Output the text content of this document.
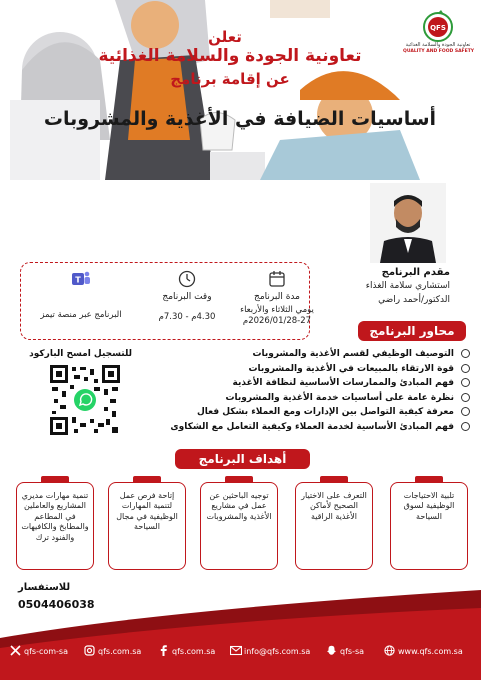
QFS
تعاونية الجودة والسلامة الغذائية
QUALITY AND FOOD SAFETY
تعلن
تعاونية الجودة والسلامة الغذائية
عن إقامة برنامج
أساسيات الضيافة في الأغذية والمشروبات
مقدم البرنامج
استشاري سلامة الغذاء
الدكتور/أحمد راضي
مدة البرنامج
يومي الثلاثاء والأربعاء
2026/01/28-27م
وقت البرنامج
4.30م - 7.30م
T
البرنامج عبر منصة تيمز
للتسجيل امسح الباركود
محاور البرنامج
التوصيف الوظيفي لقسم الأغذية والمشروبات
قوة الارتقاء بالمبيعات في الأغذية والمشروبات
فهم المبادئ والممارسات الأساسية لنظافة الأغذية
نظرة عامة على أساسيات خدمة الأغذية والمشروبات
معرفة كيفية التواصل بين الإدارات ومع العملاء بشكل فعال
فهم المبادئ الأساسية لخدمة العملاء وكيفية التعامل مع الشكاوى
أهداف البرنامج
تلبية الاحتياجات الوظيفية لسوق السياحة
التعرف على الاختيار الصحيح لأماكن الأغذية الراقية
توجيه الباحثين عن عمل في مشاريع الأغذية والمشروبات
إتاحة فرص عمل لتنمية المهارات الوظيفية في مجال السياحة
تنمية مهارات مديري المشاريع والعاملين في المطاعم والمطابخ والكافيهات والفنود ترك
للاستفسار
0504406038
qfs-com-sa	qfs.com.sa	qfs.com.sa	info@qfs.com.sa	qfs-sa	www.qfs.com.sa
